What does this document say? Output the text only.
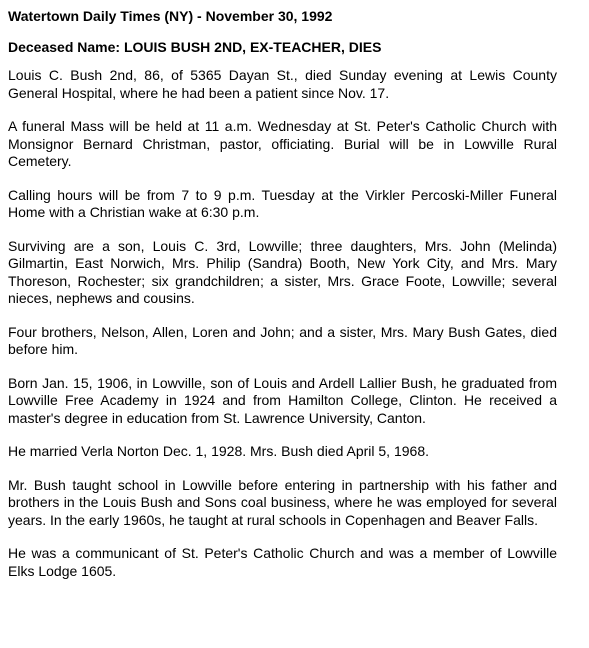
Watertown Daily Times (NY) - November 30, 1992
Deceased Name: LOUIS BUSH 2ND, EX-TEACHER, DIES

Louis C. Bush 2nd, 86, of 5365 Dayan St., died Sunday evening at Lewis County General Hospital, where he had been a patient since Nov. 17.

A funeral Mass will be held at 11 a.m. Wednesday at St. Peter's Catholic Church with Monsignor Bernard Christman, pastor, officiating. Burial will be in Lowville Rural Cemetery.

Calling hours will be from 7 to 9 p.m. Tuesday at the Virkler Percoski-Miller Funeral Home with a Christian wake at 6:30 p.m.

Surviving are a son, Louis C. 3rd, Lowville; three daughters, Mrs. John (Melinda) Gilmartin, East Norwich, Mrs. Philip (Sandra) Booth, New York City, and Mrs. Mary Thoreson, Rochester; six grandchildren; a sister, Mrs. Grace Foote, Lowville; several nieces, nephews and cousins.

Four brothers, Nelson, Allen, Loren and John; and a sister, Mrs. Mary Bush Gates, died before him.

Born Jan. 15, 1906, in Lowville, son of Louis and Ardell Lallier Bush, he graduated from Lowville Free Academy in 1924 and from Hamilton College, Clinton. He received a master's degree in education from St. Lawrence University, Canton.

He married Verla Norton Dec. 1, 1928. Mrs. Bush died April 5, 1968.

Mr. Bush taught school in Lowville before entering in partnership with his father and brothers in the Louis Bush and Sons coal business, where he was employed for several years. In the early 1960s, he taught at rural schools in Copenhagen and Beaver Falls.

He was a communicant of St. Peter's Catholic Church and was a member of Lowville Elks Lodge 1605.
